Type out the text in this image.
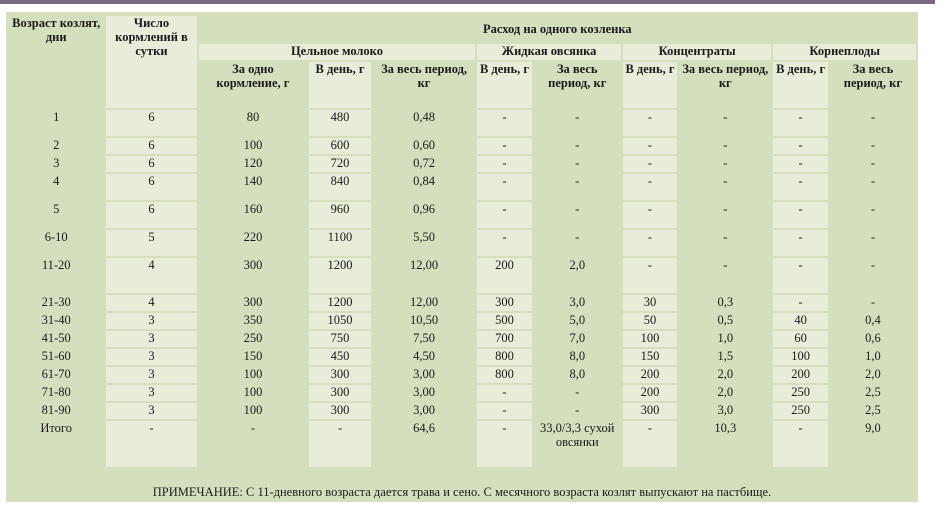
Возраст козлят, дни	Число кормлений в сутки	Расход на одного козленка								
		Цельное молоко			Жидкая овсянка		Концентраты		Корнеплоды	
		За одно кормление, г	В день, г	За весь период, кг	В день, г	За весь период, кг	В день, г	За весь период, кг	В день, г	За весь период, кг
1	6	80	480	0,48	-	-	-	-	-	-
2	6	100	600	0,60	-	-	-	-	-	-
3	6	120	720	0,72	-	-	-	-	-	-
4	6	140	840	0,84	-	-	-	-	-	-
5	6	160	960	0,96	-	-	-	-	-	-
6-10	5	220	1100	5,50	-	-	-	-	-	-
11-20	4	300	1200	12,00	200	2,0	-	-	-	-
21-30	4	300	1200	12,00	300	3,0	30	0,3	-	-
31-40	3	350	1050	10,50	500	5,0	50	0,5	40	0,4
41-50	3	250	750	7,50	700	7,0	100	1,0	60	0,6
51-60	3	150	450	4,50	800	8,0	150	1,5	100	1,0
61-70	3	100	300	3,00	800	8,0	200	2,0	200	2,0
71-80	3	100	300	3,00	-	-	200	2,0	250	2,5
81-90	3	100	300	3,00	-	-	300	3,0	250	2,5
Итого	-	-	-	64,6	-	33,0/3,3 сухой овсянки	-	10,3	-	9,0
ПРИМЕЧАНИЕ: С 11-дневного возраста дается трава и сено. С месячного возраста козлят выпускают на пастбище.
